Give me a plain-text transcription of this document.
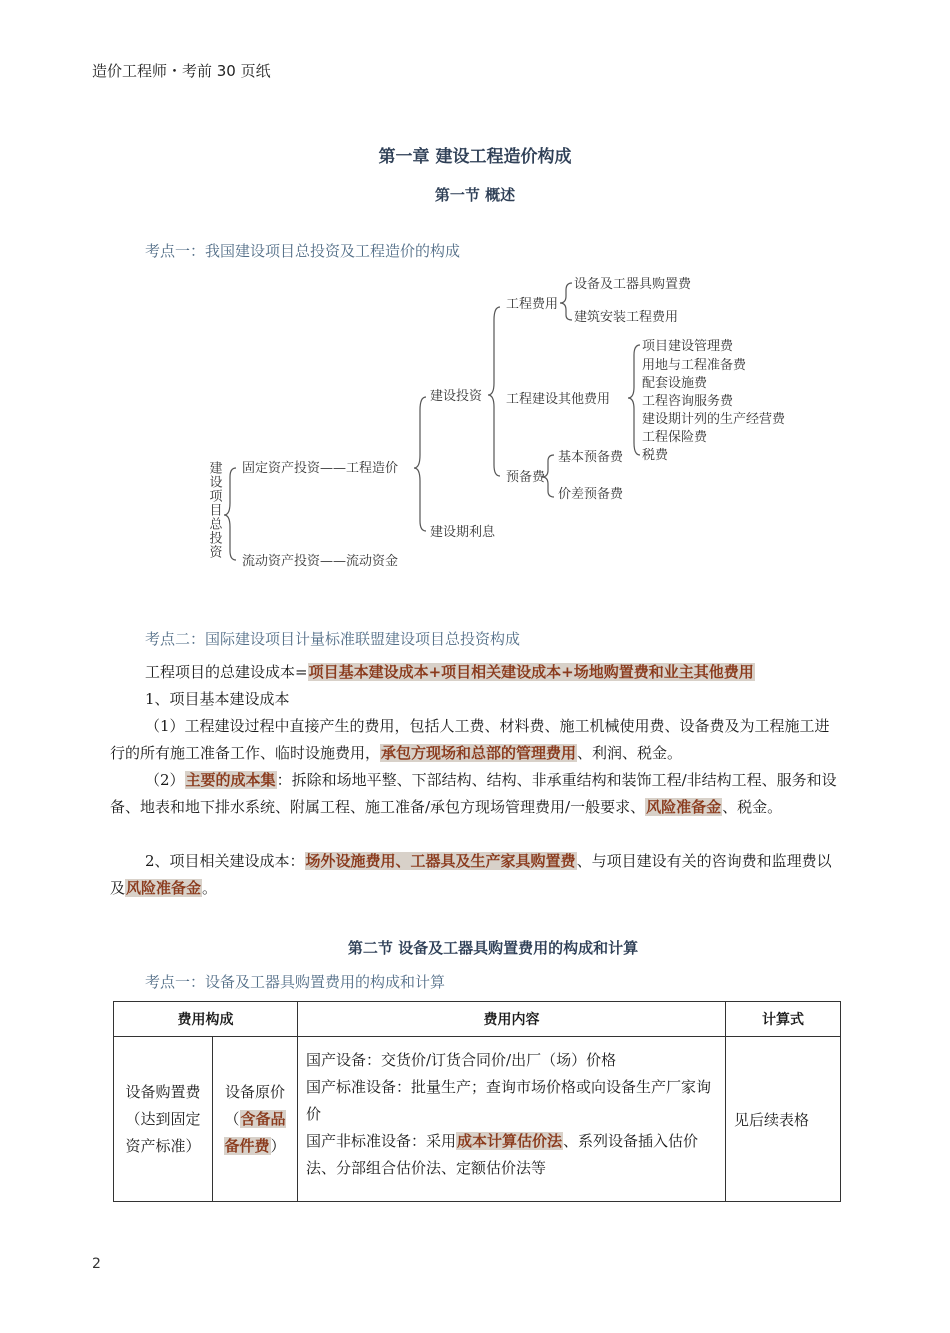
造价工程师・考前 30 页纸
第一章 建设工程造价构成
第一节 概述
考点一：我国建设项目总投资及工程造价的构成
建设项目总投资 固定资产投资——工程造价
流动资产投资——流动资金
建设投资
建设期利息
工程费用
设备及工器具购置费
建筑安装工程费用
工程建设其他费用
项目建设管理费
用地与工程准备费
配套设施费
工程咨询服务费
建设期计列的生产经营费
工程保险费
税费
预备费
基本预备费
价差预备费
考点二：国际建设项目计量标准联盟建设项目总投资构成
工程项目的总建设成本=项目基本建设成本+项目相关建设成本+场地购置费和业主其他费用
1、项目基本建设成本
（1）工程建设过程中直接产生的费用，包括人工费、材料费、施工机械使用费、设备费及为工程施工进行的所有施工准备工作、临时设施费用，承包方现场和总部的管理费用、利润、税金。
（2）主要的成本集：拆除和场地平整、下部结构、结构、非承重结构和装饰工程/非结构工程、服务和设备、地表和地下排水系统、附属工程、施工准备/承包方现场管理费用/一般要求、风险准备金、税金。
2、项目相关建设成本：场外设施费用、工器具及生产家具购置费、与项目建设有关的咨询费和监理费以及风险准备金。
第二节 设备及工器具购置费用的构成和计算
考点一：设备及工器具购置费用的构成和计算
费用构成		费用内容	计算式
设备购置费（达到固定资产标准）	设备原价（含备品备件费）	国产设备：交货价/订货合同价/出厂（场）价格
国产标准设备：批量生产；查询市场价格或向设备生产厂家询价
国产非标准设备：采用成本计算估价法、系列设备插入估价法、分部组合估价法、定额估价法等	见后续表格
2
